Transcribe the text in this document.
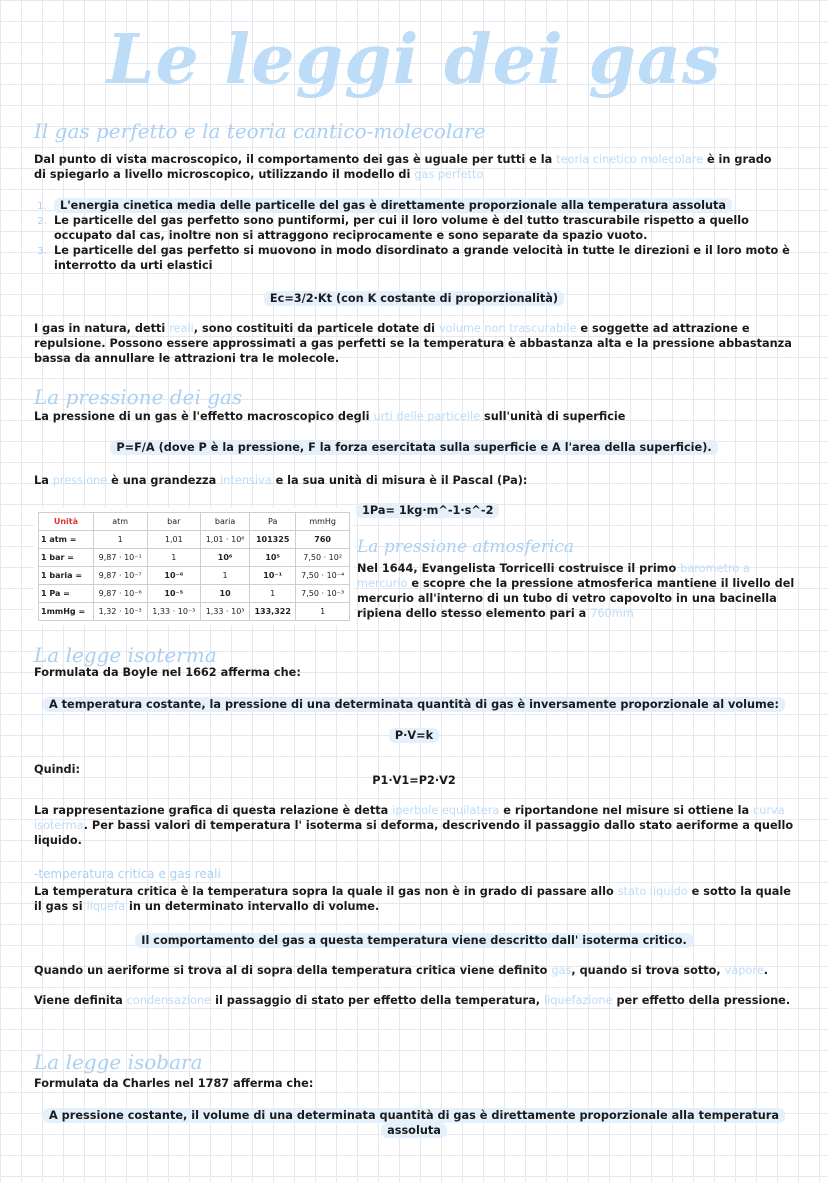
Le leggi dei gas
Il gas perfetto e la teoria cantico-molecolare
Dal punto di vista macroscopico, il comportamento dei gas è uguale per tutti e la teoria cinetico molecolare è in grado di spiegarlo a livello microscopico, utilizzando il modello di gas perfetto
1. L'energia cinetica media delle particelle del gas è direttamente proporzionale alla temperatura assoluta
2. Le particelle del gas perfetto sono puntiformi, per cui il loro volume è del tutto trascurabile rispetto a quello occupato dal cas, inoltre non si attraggono reciprocamente e sono separate da spazio vuoto.
3. Le particelle del gas perfetto si muovono in modo disordinato a grande velocità in tutte le direzioni e il loro moto è interrotto da urti elastici
Ec=3/2·Kt (con K costante di proporzionalità)
I gas in natura, detti reali, sono costituiti da particele dotate di volume non trascurabile e soggette ad attrazione e repulsione. Possono essere approssimati a gas perfetti se la temperatura è abbastanza alta e la pressione abbastanza bassa da annullare le attrazioni tra le molecole.
La pressione dei gas
La pressione di un gas è l'effetto macroscopico degli urti delle particelle sull'unità di superficie
P=F/A (dove P è la pressione, F la forza esercitata sulla superficie e A l'area della superficie).
La pressione è una grandezza intensiva e la sua unità di misura è il Pascal (Pa):
1Pa= 1kg·m^-1·s^-2
Unità	atm	bar	baria	Pa	mmHg
1 atm =	1	1,01	1,01 · 10⁶	101325	760
1 bar =	9,87 · 10⁻¹	1	10⁶	10⁵	7,50 · 10²
1 baria =	9,87 · 10⁻⁷	10⁻⁶	1	10⁻¹	7,50 · 10⁻⁴
1 Pa =	9,87 · 10⁻⁶	10⁻⁵	10	1	7,50 · 10⁻³
1mmHg =	1,32 · 10⁻³	1,33 · 10⁻³	1,33 · 10³	133,322	1
La pressione atmosferica
Nel 1644, Evangelista Torricelli costruisce il primo barometro a mercurio e scopre che la pressione atmosferica mantiene il livello del mercurio all'interno di un tubo di vetro capovolto in una bacinella ripiena dello stesso elemento pari a 760mm
La legge isoterma
Formulata da Boyle nel 1662 afferma che:
A temperatura costante, la pressione di una determinata quantità di gas è inversamente proporzionale al volume:
P·V=k
Quindi:
P1·V1=P2·V2
La rappresentazione grafica di questa relazione è detta iperbole equilatera e riportandone nel misure si ottiene la curva isoterma. Per bassi valori di temperatura l' isoterma si deforma, descrivendo il passaggio dallo stato aeriforme a quello liquido.
-temperatura critica e gas reali
La temperatura critica è la temperatura sopra la quale il gas non è in grado di passare allo stato liquido e sotto la quale il gas si liquefa in un determinato intervallo di volume.
Il comportamento del gas a questa temperatura viene descritto dall' isoterma critico.
Quando un aeriforme si trova al di sopra della temperatura critica viene definito gas, quando si trova sotto, vapore.
Viene definita condensazione il passaggio di stato per effetto della temperatura, liquefazione per effetto della pressione.
La legge isobara
Formulata da Charles nel 1787 afferma che:
A pressione costante, il volume di una determinata quantità di gas è direttamente proporzionale alla temperatura assoluta
